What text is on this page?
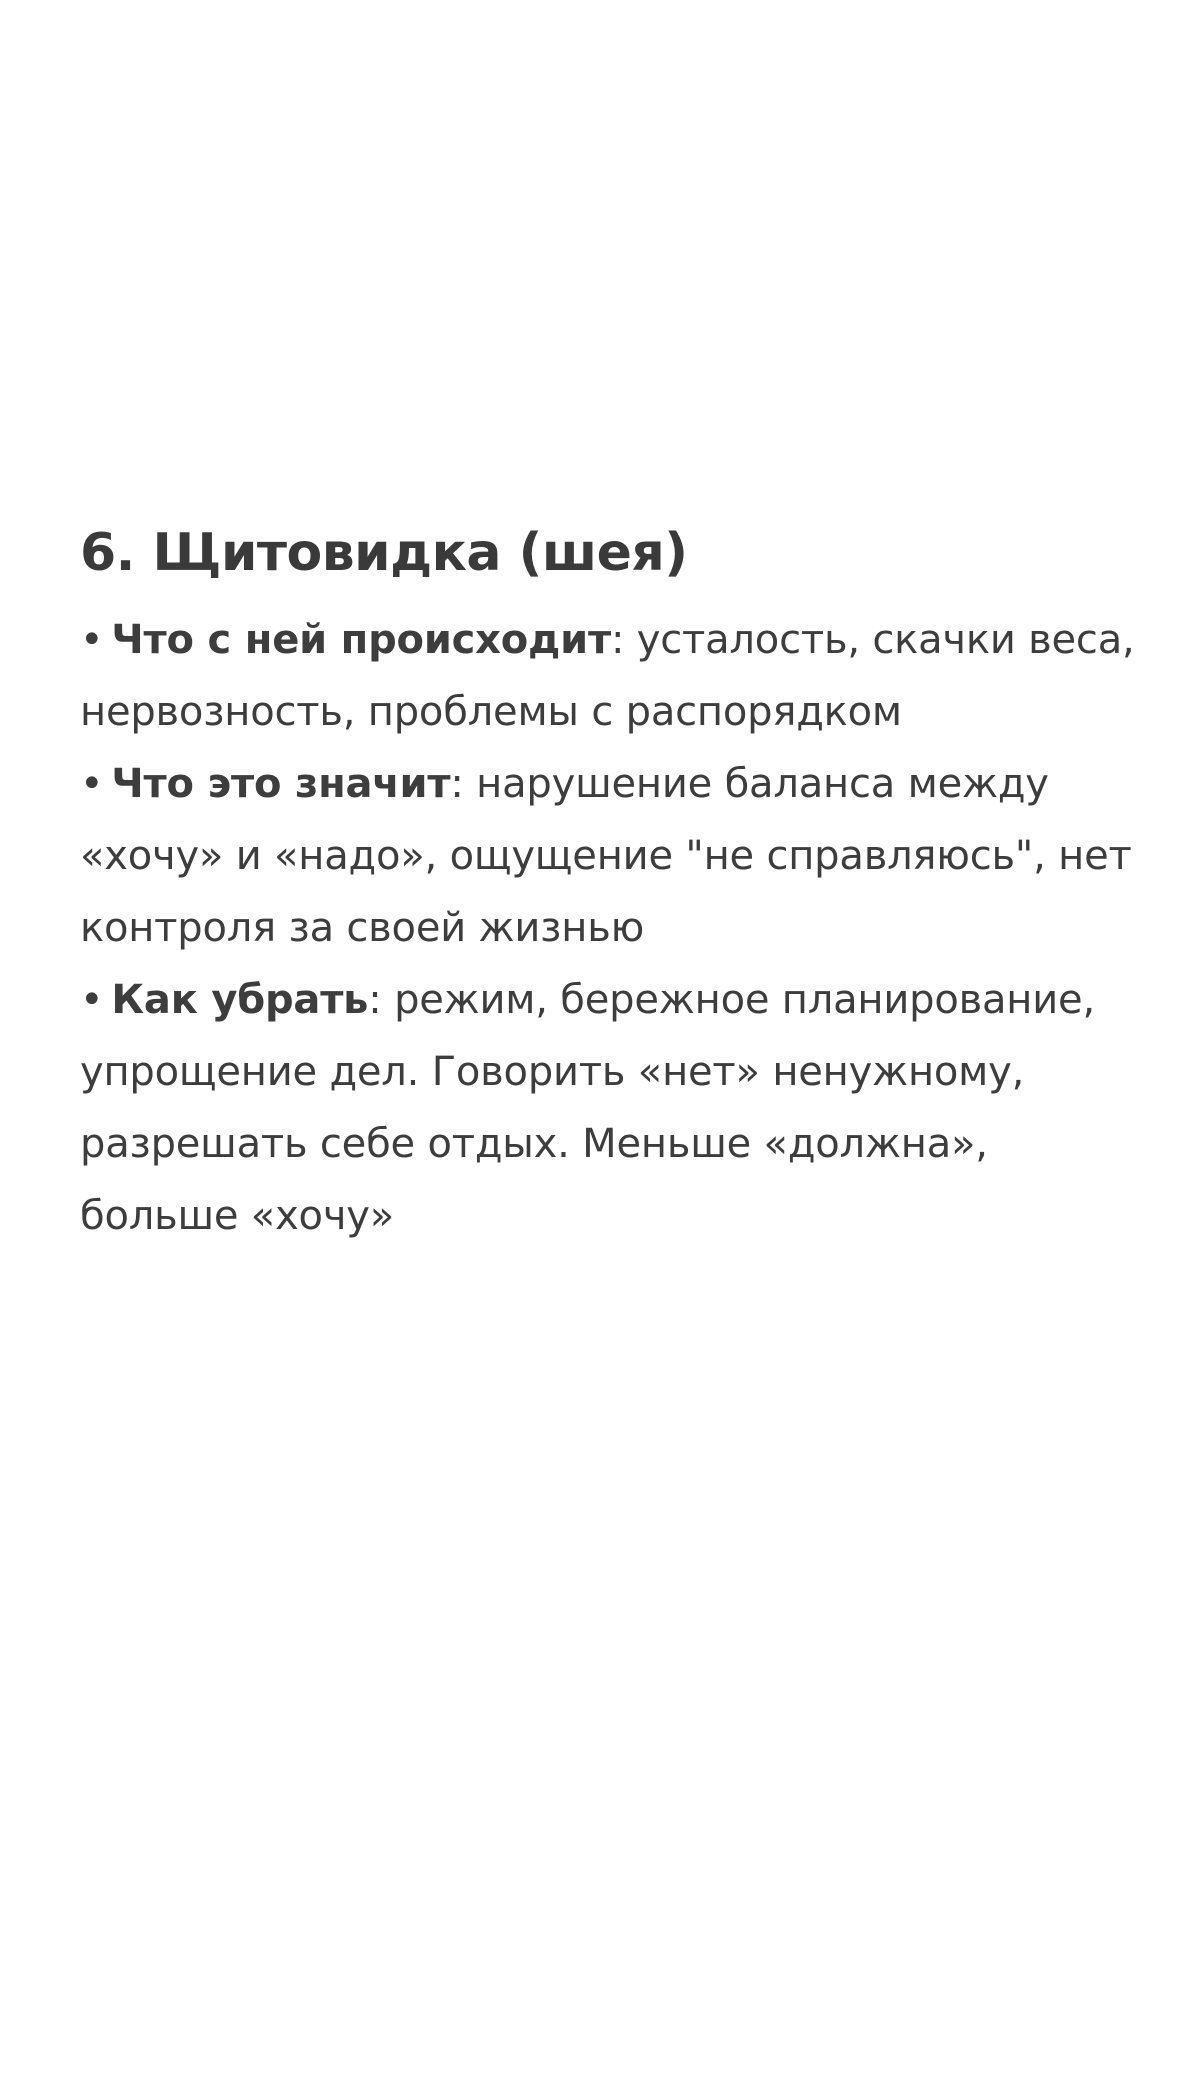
6. Щитовидка (шея)

• Что с ней происходит: усталость, скачки веса, нервозность, проблемы с распорядком

• Что это значит: нарушение баланса между «хочу» и «надо», ощущение "не справляюсь", нет контроля за своей жизнью

• Как убрать: режим, бережное планирование, упрощение дел. Говорить «нет» ненужному, разрешать себе отдых. Меньше «должна», больше «хочу»
